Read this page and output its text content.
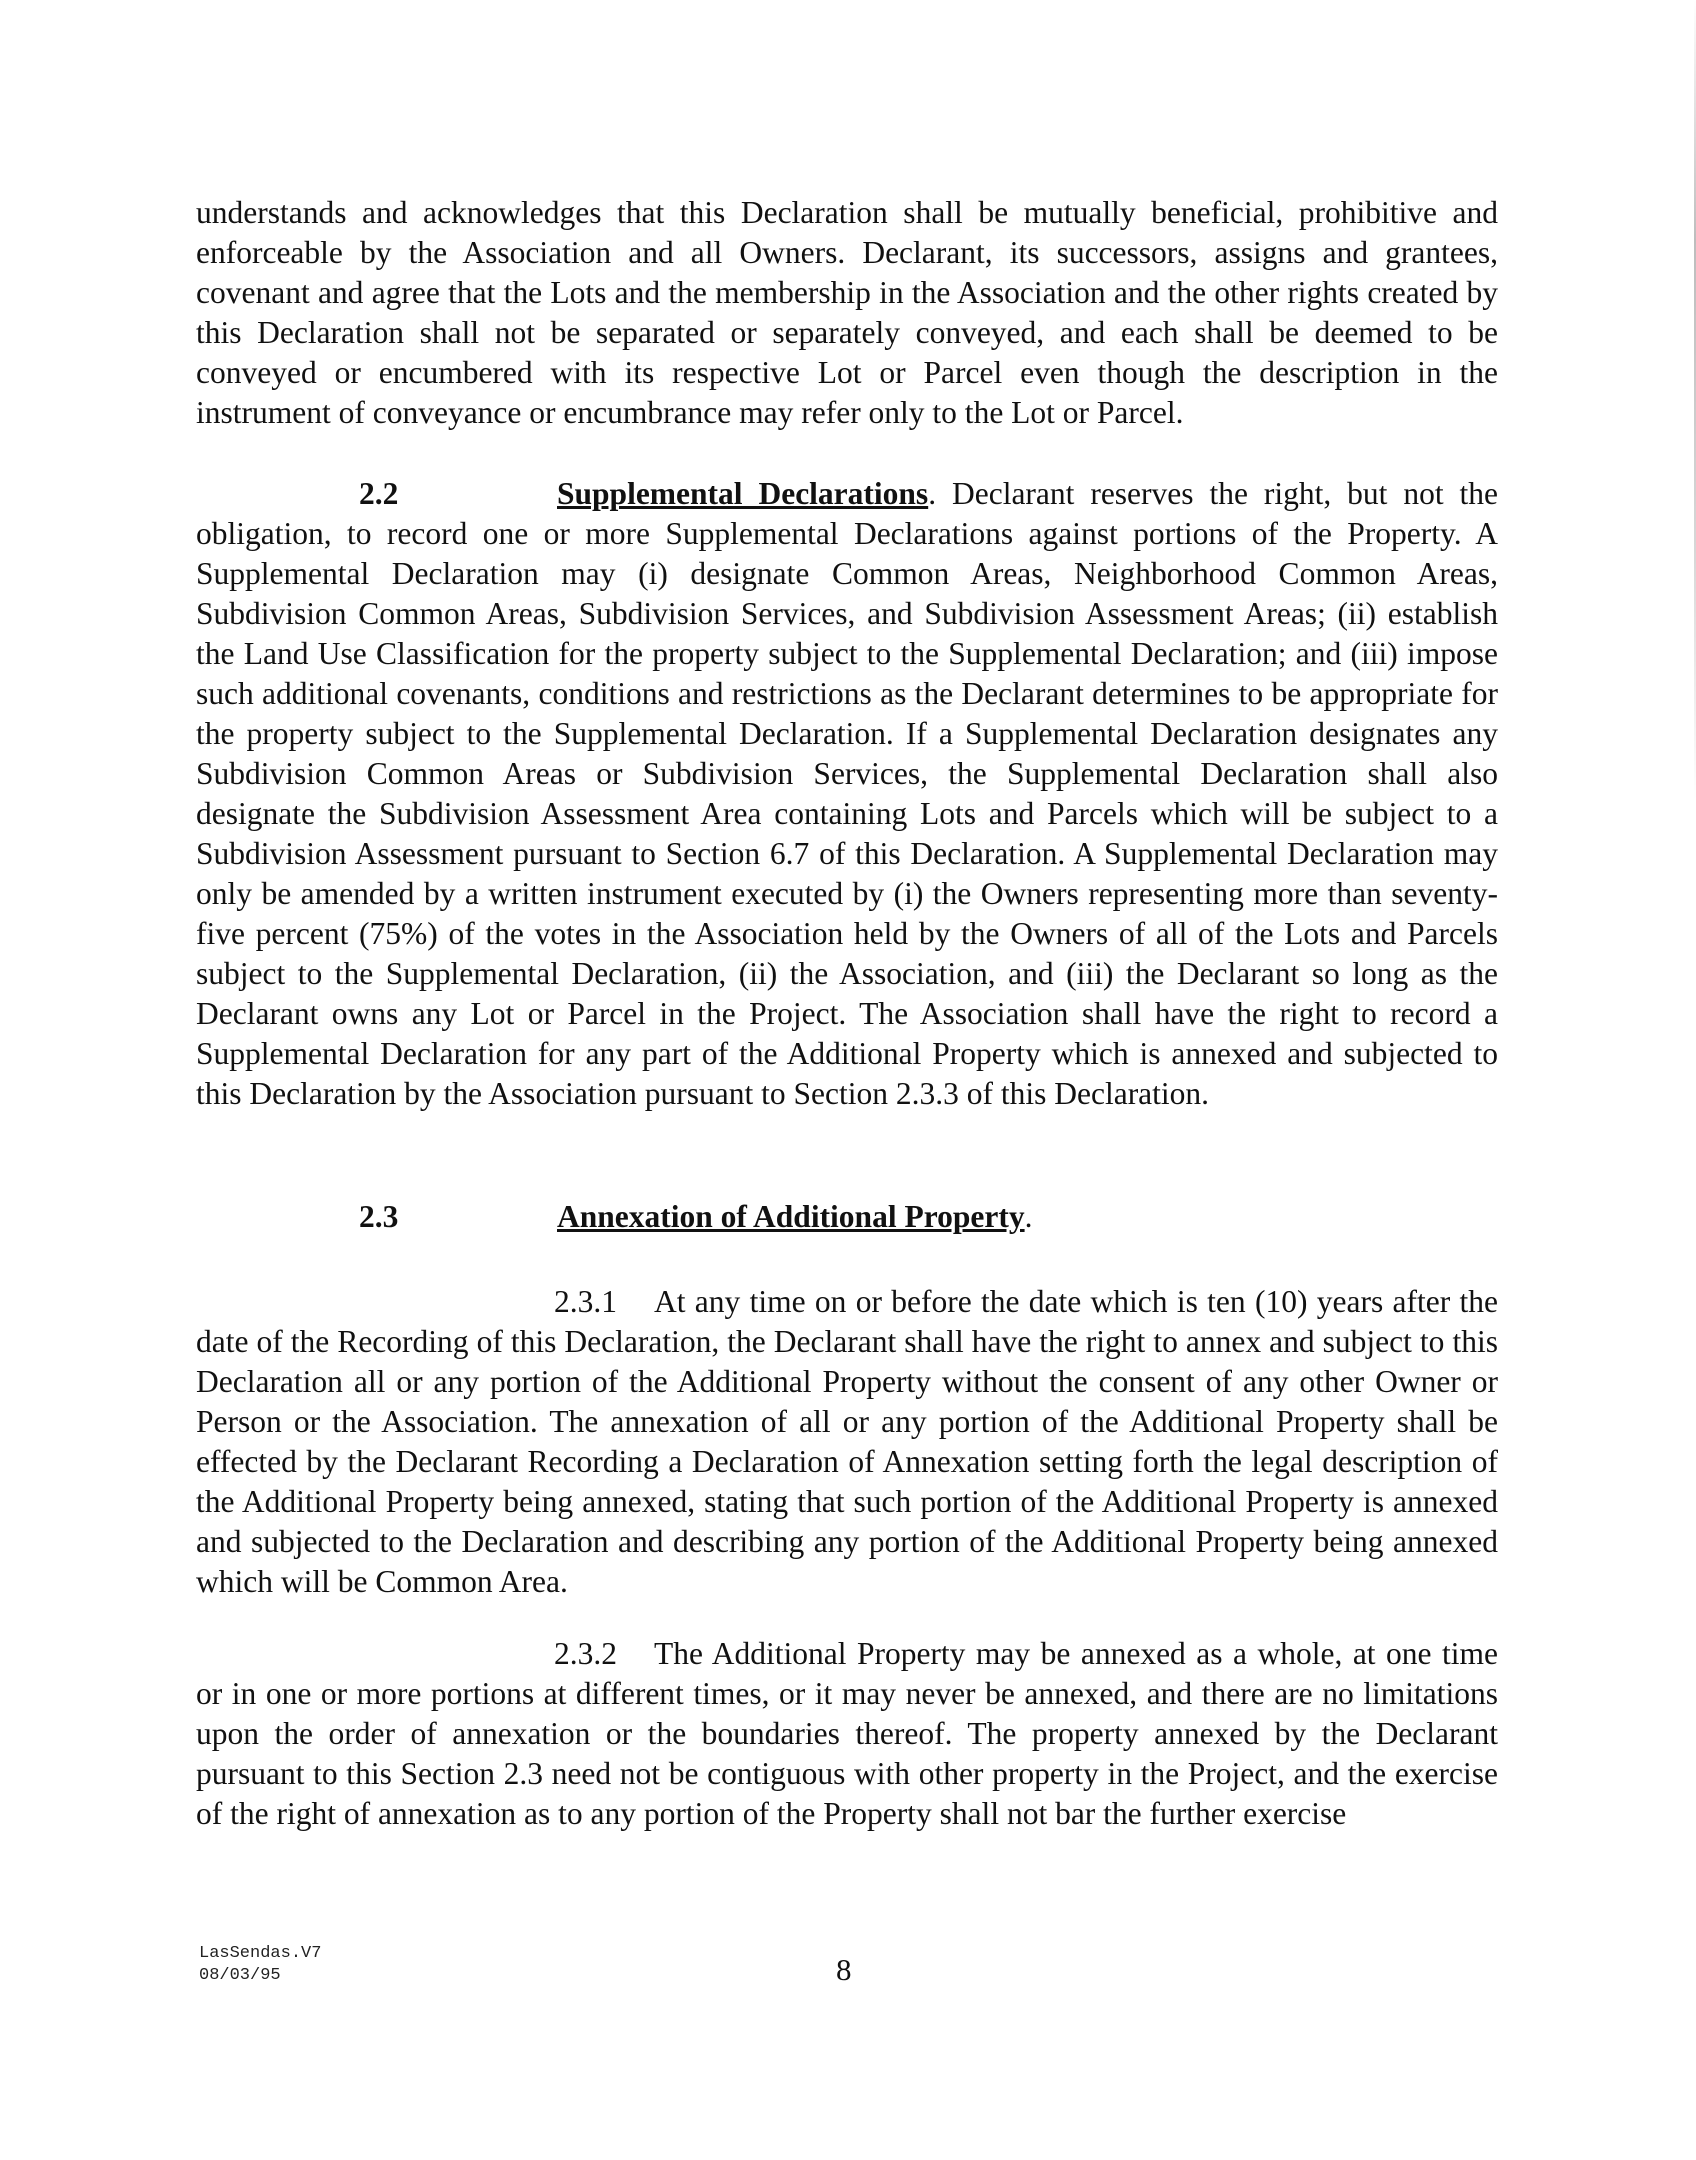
understands and acknowledges that this Declaration shall be mutually beneficial, prohibitive and enforceable by the Association and all Owners. Declarant, its successors, assigns and grantees, covenant and agree that the Lots and the membership in the Association and the other rights created by this Declaration shall not be separated or separately conveyed, and each shall be deemed to be conveyed or encumbered with its respective Lot or Parcel even though the description in the instrument of conveyance or encumbrance may refer only to the Lot or Parcel.

2.2	Supplemental Declarations. Declarant reserves the right, but not the obligation, to record one or more Supplemental Declarations against portions of the Property. A Supplemental Declaration may (i) designate Common Areas, Neighborhood Common Areas, Subdivision Common Areas, Subdivision Services, and Subdivision Assessment Areas; (ii) establish the Land Use Classification for the property subject to the Supplemental Declaration; and (iii) impose such additional covenants, conditions and restrictions as the Declarant determines to be appropriate for the property subject to the Supplemental Declaration. If a Supplemental Declaration designates any Subdivision Common Areas or Subdivision Services, the Supplemental Declaration shall also designate the Subdivision Assessment Area containing Lots and Parcels which will be subject to a Subdivision Assessment pursuant to Section 6.7 of this Declaration. A Supplemental Declaration may only be amended by a written instrument executed by (i) the Owners representing more than seventy-five percent (75%) of the votes in the Association held by the Owners of all of the Lots and Parcels subject to the Supplemental Declaration, (ii) the Association, and (iii) the Declarant so long as the Declarant owns any Lot or Parcel in the Project. The Association shall have the right to record a Supplemental Declaration for any part of the Additional Property which is annexed and subjected to this Declaration by the Association pursuant to Section 2.3.3 of this Declaration.

2.3	Annexation of Additional Property.

2.3.1 At any time on or before the date which is ten (10) years after the date of the Recording of this Declaration, the Declarant shall have the right to annex and subject to this Declaration all or any portion of the Additional Property without the consent of any other Owner or Person or the Association. The annexation of all or any portion of the Additional Property shall be effected by the Declarant Recording a Declaration of Annexation setting forth the legal description of the Additional Property being annexed, stating that such portion of the Additional Property is annexed and subjected to the Declaration and describing any portion of the Additional Property being annexed which will be Common Area.

2.3.2 The Additional Property may be annexed as a whole, at one time or in one or more portions at different times, or it may never be annexed, and there are no limitations upon the order of annexation or the boundaries thereof. The property annexed by the Declarant pursuant to this Section 2.3 need not be contiguous with other property in the Project, and the exercise of the right of annexation as to any portion of the Property shall not bar the further exercise

LasSendas.V7
08/03/95	8
